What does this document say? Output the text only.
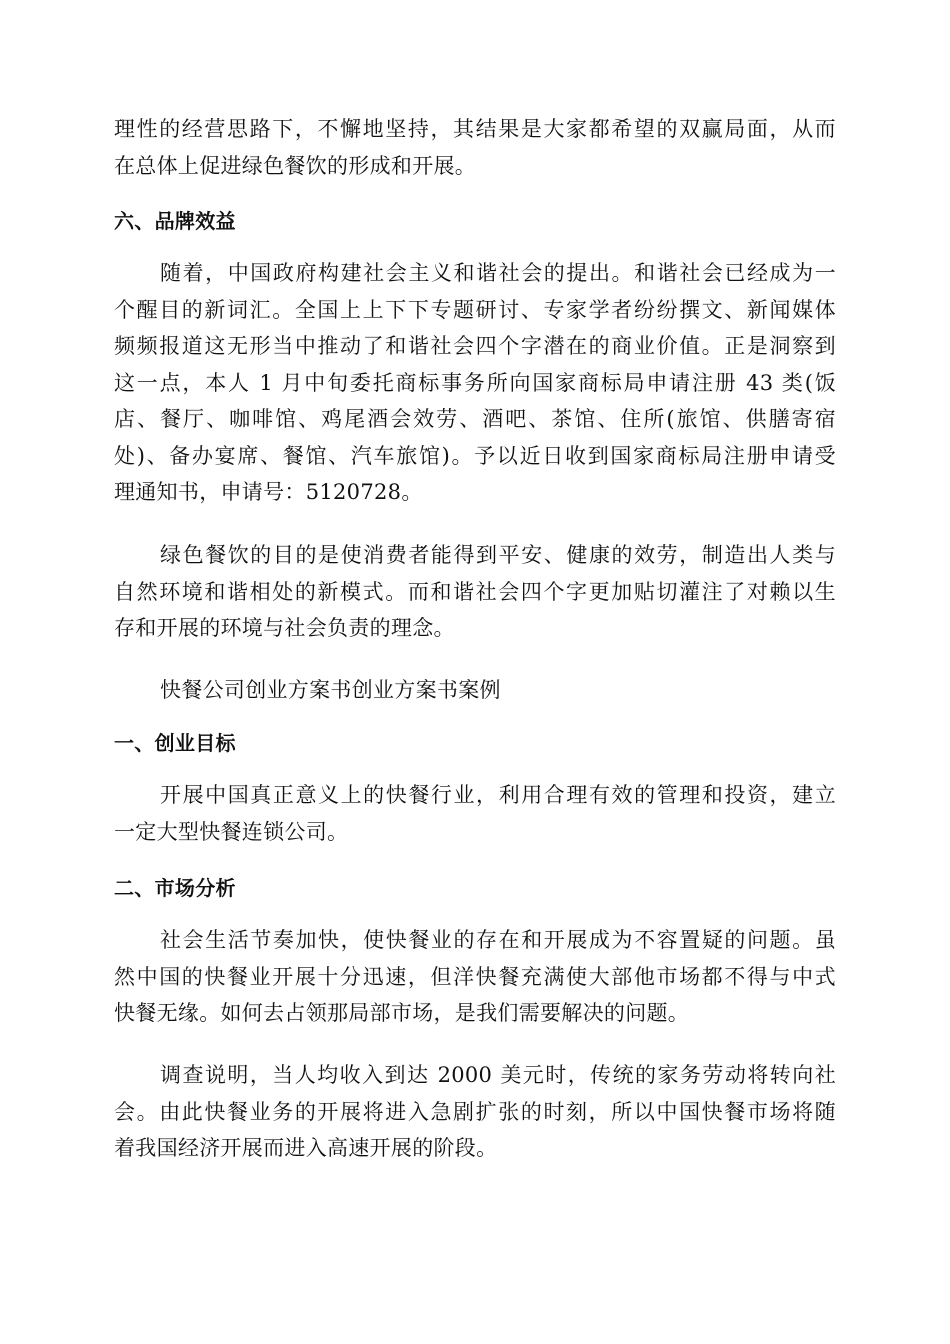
理性的经营思路下，不懈地坚持，其结果是大家都希望的双赢局面，从而
在总体上促进绿色餐饮的形成和开展。
六、品牌效益
随着，中国政府构建社会主义和谐社会的提出。和谐社会已经成为一
个醒目的新词汇。全国上上下下专题研讨、专家学者纷纷撰文、新闻媒体
频频报道这无形当中推动了和谐社会四个字潜在的商业价值。正是洞察到
这一点，本人 1 月中旬委托商标事务所向国家商标局申请注册 43 类(饭
店、餐厅、咖啡馆、鸡尾酒会效劳、酒吧、茶馆、住所(旅馆、供膳寄宿
处)、备办宴席、餐馆、汽车旅馆)。予以近日收到国家商标局注册申请受
理通知书，申请号：5120728。
绿色餐饮的目的是使消费者能得到平安、健康的效劳，制造出人类与
自然环境和谐相处的新模式。而和谐社会四个字更加贴切灌注了对赖以生
存和开展的环境与社会负责的理念。
快餐公司创业方案书创业方案书案例
一、创业目标
开展中国真正意义上的快餐行业，利用合理有效的管理和投资，建立
一定大型快餐连锁公司。
二、市场分析
社会生活节奏加快，使快餐业的存在和开展成为不容置疑的问题。虽
然中国的快餐业开展十分迅速，但洋快餐充满使大部他市场都不得与中式
快餐无缘。如何去占领那局部市场，是我们需要解决的问题。
调查说明，当人均收入到达 2000 美元时，传统的家务劳动将转向社
会。由此快餐业务的开展将进入急剧扩张的时刻，所以中国快餐市场将随
着我国经济开展而进入高速开展的阶段。
